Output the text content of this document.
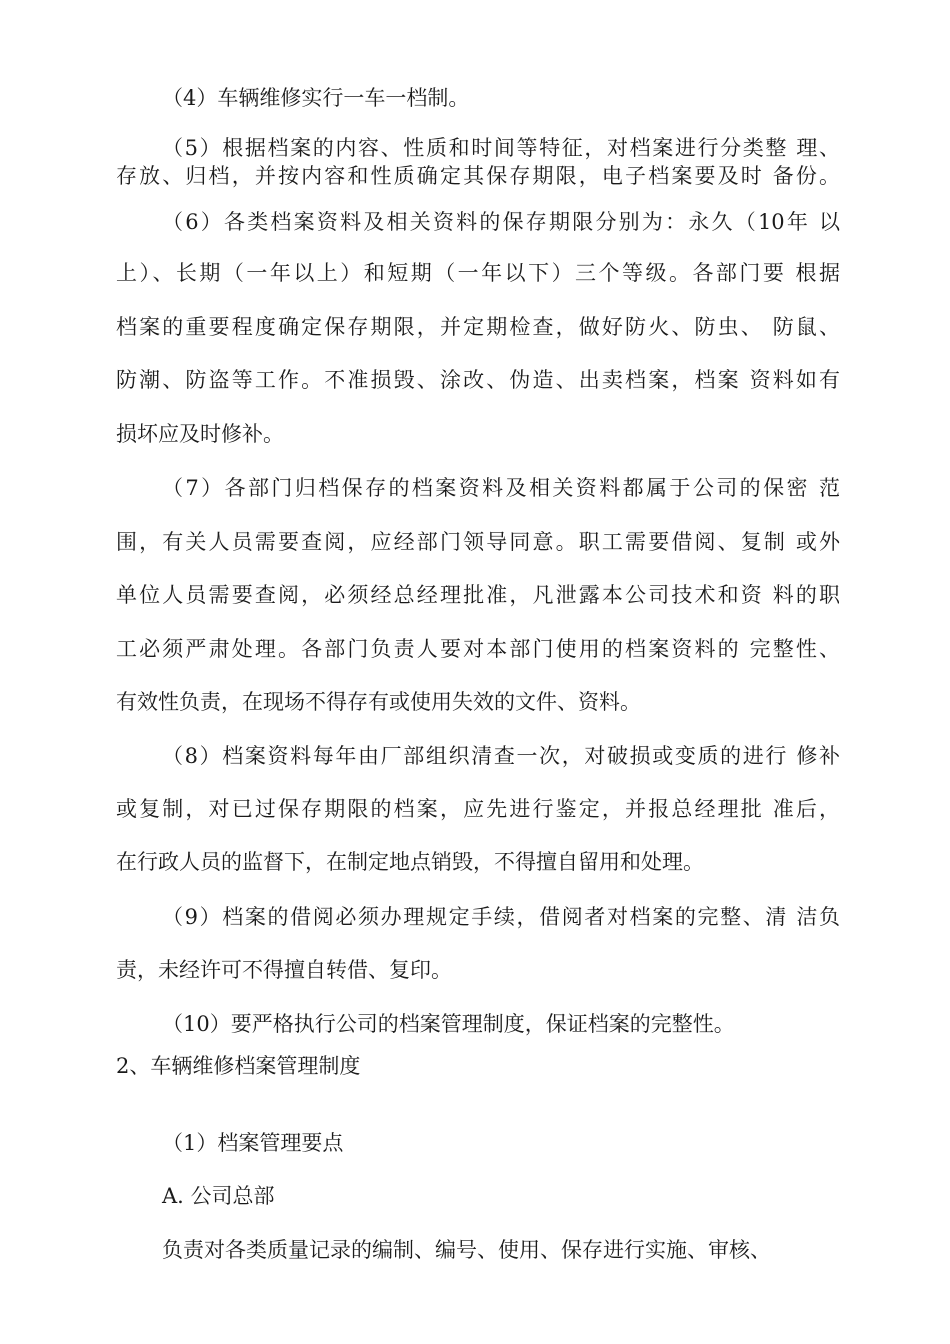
（4）车辆维修实行一车一档制。
（5）根据档案的内容、性质和时间等特征，对档案进行分类整 理、
存放、归档，并按内容和性质确定其保存期限，电子档案要及时 备份。
（6）各类档案资料及相关资料的保存期限分别为：永久（10年 以
上）、长期（一年以上）和短期（一年以下）三个等级。各部门要 根据
档案的重要程度确定保存期限，并定期检查，做好防火、防虫、 防鼠、
防潮、防盗等工作。不准损毁、涂改、伪造、出卖档案，档案 资料如有
损坏应及时修补。
（7）各部门归档保存的档案资料及相关资料都属于公司的保密 范
围，有关人员需要查阅，应经部门领导同意。职工需要借阅、复制 或外
单位人员需要查阅，必须经总经理批准，凡泄露本公司技术和资 料的职
工必须严肃处理。各部门负责人要对本部门使用的档案资料的 完整性、
有效性负责，在现场不得存有或使用失效的文件、资料。
（8）档案资料每年由厂部组织清查一次，对破损或变质的进行 修补
或复制，对已过保存期限的档案，应先进行鉴定，并报总经理批 准后，
在行政人员的监督下，在制定地点销毁，不得擅自留用和处理。
（9）档案的借阅必须办理规定手续，借阅者对档案的完整、清 洁负
责，未经许可不得擅自转借、复印。
（10）要严格执行公司的档案管理制度，保证档案的完整性。
2、车辆维修档案管理制度
（1）档案管理要点
A. 公司总部
负责对各类质量记录的编制、编号、使用、保存进行实施、审核、
